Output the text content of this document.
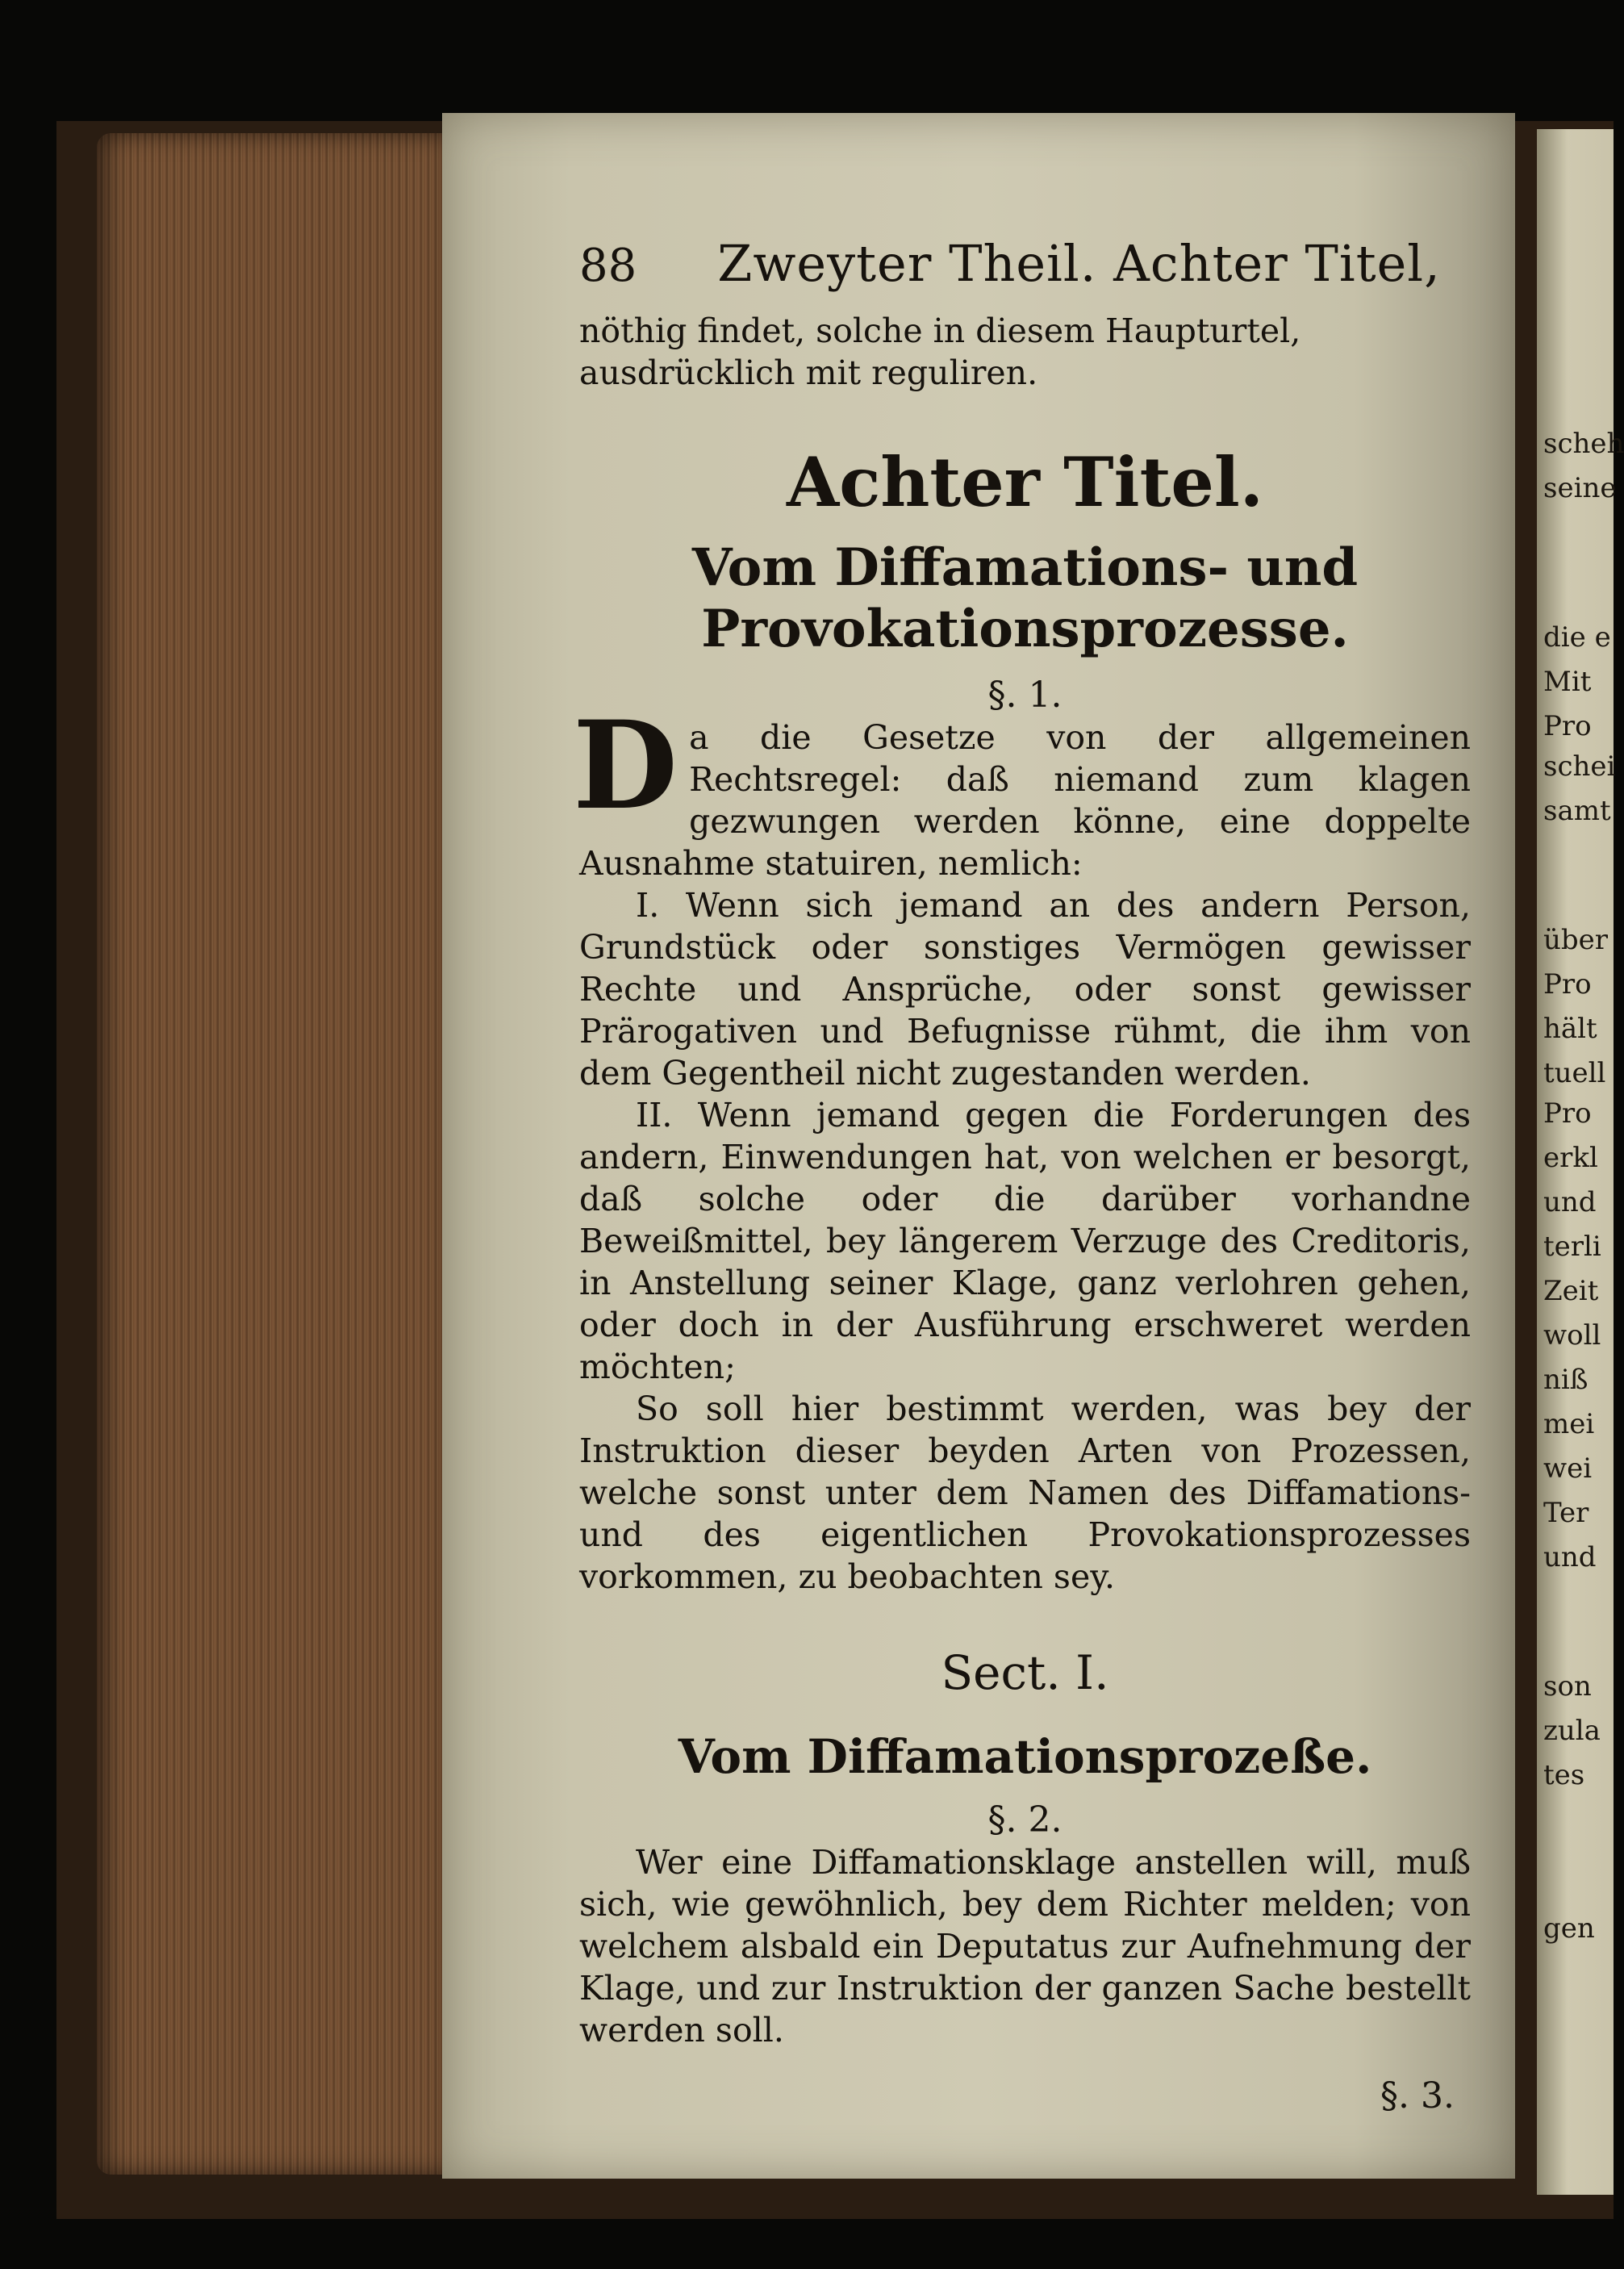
scheh
seine
die e
Mit
Pro
schei
samt
über
Pro
hält
tuell
Pro
erkl
und
terli
Zeit
woll
niß
mei
wei
Ter
und
son
zula
tes
gen
88 Zweyter Theil. Achter Titel,

nöthig findet, solche in diesem Haupturtel, ausdrücklich mit reguliren.

Achter Titel.
Vom Diffamations- und Provokationsprozesse.
§. 1.
D a die Gesetze von der allgemeinen Rechtsregel: daß niemand zum klagen gezwungen werden könne, eine doppelte Ausnahme statuiren, nemlich:

I. Wenn sich jemand an des andern Person, Grundstück oder sonstiges Vermögen gewisser Rechte und Ansprüche, oder sonst gewisser Prärogativen und Befugnisse rühmt, die ihm von dem Gegentheil nicht zugestanden werden.

II. Wenn jemand gegen die Forderungen des andern, Einwendungen hat, von welchen er besorgt, daß solche oder die darüber vorhandne Beweißmittel, bey längerem Verzuge des Creditoris, in Anstellung seiner Klage, ganz verlohren gehen, oder doch in der Ausführung erschweret werden möchten;

So soll hier bestimmt werden, was bey der Instruktion dieser beyden Arten von Prozessen, welche sonst unter dem Namen des Diffamations- und des eigentlichen Provokationsprozesses vorkommen, zu beobachten sey.

Sect. I.
Vom Diffamationsprozeße.
§. 2.

Wer eine Diffamationsklage anstellen will, muß sich, wie gewöhnlich, bey dem Richter melden; von welchem alsbald ein Deputatus zur Aufnehmung der Klage, und zur Instruktion der ganzen Sache bestellt werden soll.

§. 3.
